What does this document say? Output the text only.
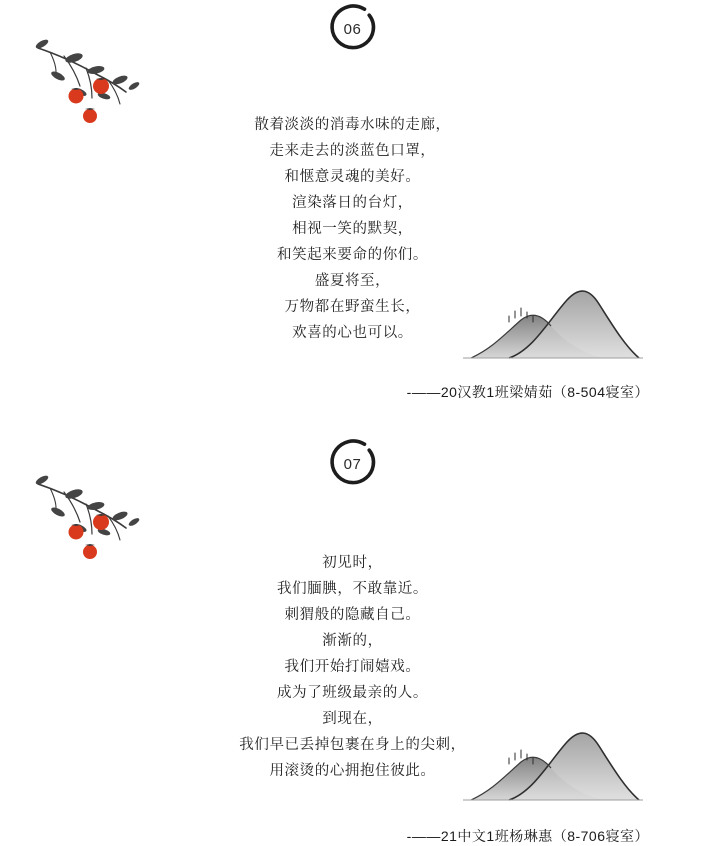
06
散着淡淡的消毒水味的走廊，
走来走去的淡蓝色口罩，
和惬意灵魂的美好。
渲染落日的台灯，
相视一笑的默契，
和笑起来要命的你们。
盛夏将至，
万物都在野蛮生长，
欢喜的心也可以。
-——20汉教1班梁婧茹（8-504寝室）
07
初见时，
我们腼腆，不敢靠近。
刺猬般的隐藏自己。
渐渐的，
我们开始打闹嬉戏。
成为了班级最亲的人。
到现在，
我们早已丢掉包裹在身上的尖刺，
用滚烫的心拥抱住彼此。
-——21中文1班杨琳惠（8-706寝室）
